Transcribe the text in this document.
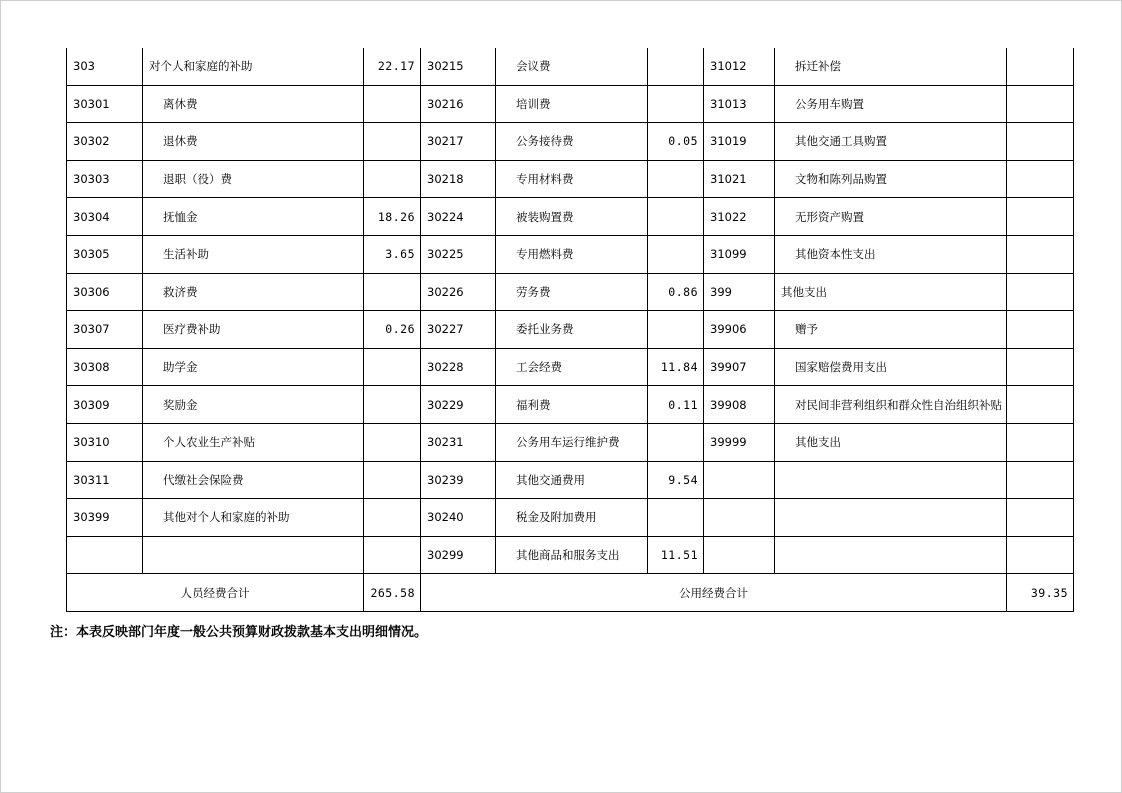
303	对个人和家庭的补助	22.17	30215	会议费		31012	拆迁补偿	
30301	离休费		30216	培训费		31013	公务用车购置	
30302	退休费		30217	公务接待费	0.05	31019	其他交通工具购置	
30303	退职（役）费		30218	专用材料费		31021	文物和陈列品购置	
30304	抚恤金	18.26	30224	被装购置费		31022	无形资产购置	
30305	生活补助	3.65	30225	专用燃料费		31099	其他资本性支出	
30306	救济费		30226	劳务费	0.86	399	其他支出	
30307	医疗费补助	0.26	30227	委托业务费		39906	赠予	
30308	助学金		30228	工会经费	11.84	39907	国家赔偿费用支出	
30309	奖励金		30229	福利费	0.11	39908	对民间非营利组织和群众性自治组织补贴	
30310	个人农业生产补贴		30231	公务用车运行维护费		39999	其他支出	
30311	代缴社会保险费		30239	其他交通费用	9.54			
30399	其他对个人和家庭的补助		30240	税金及附加费用				
			30299	其他商品和服务支出	11.51			
人员经费合计		265.58	公用经费合计					39.35
注：本表反映部门年度一般公共预算财政拨款基本支出明细情况。
